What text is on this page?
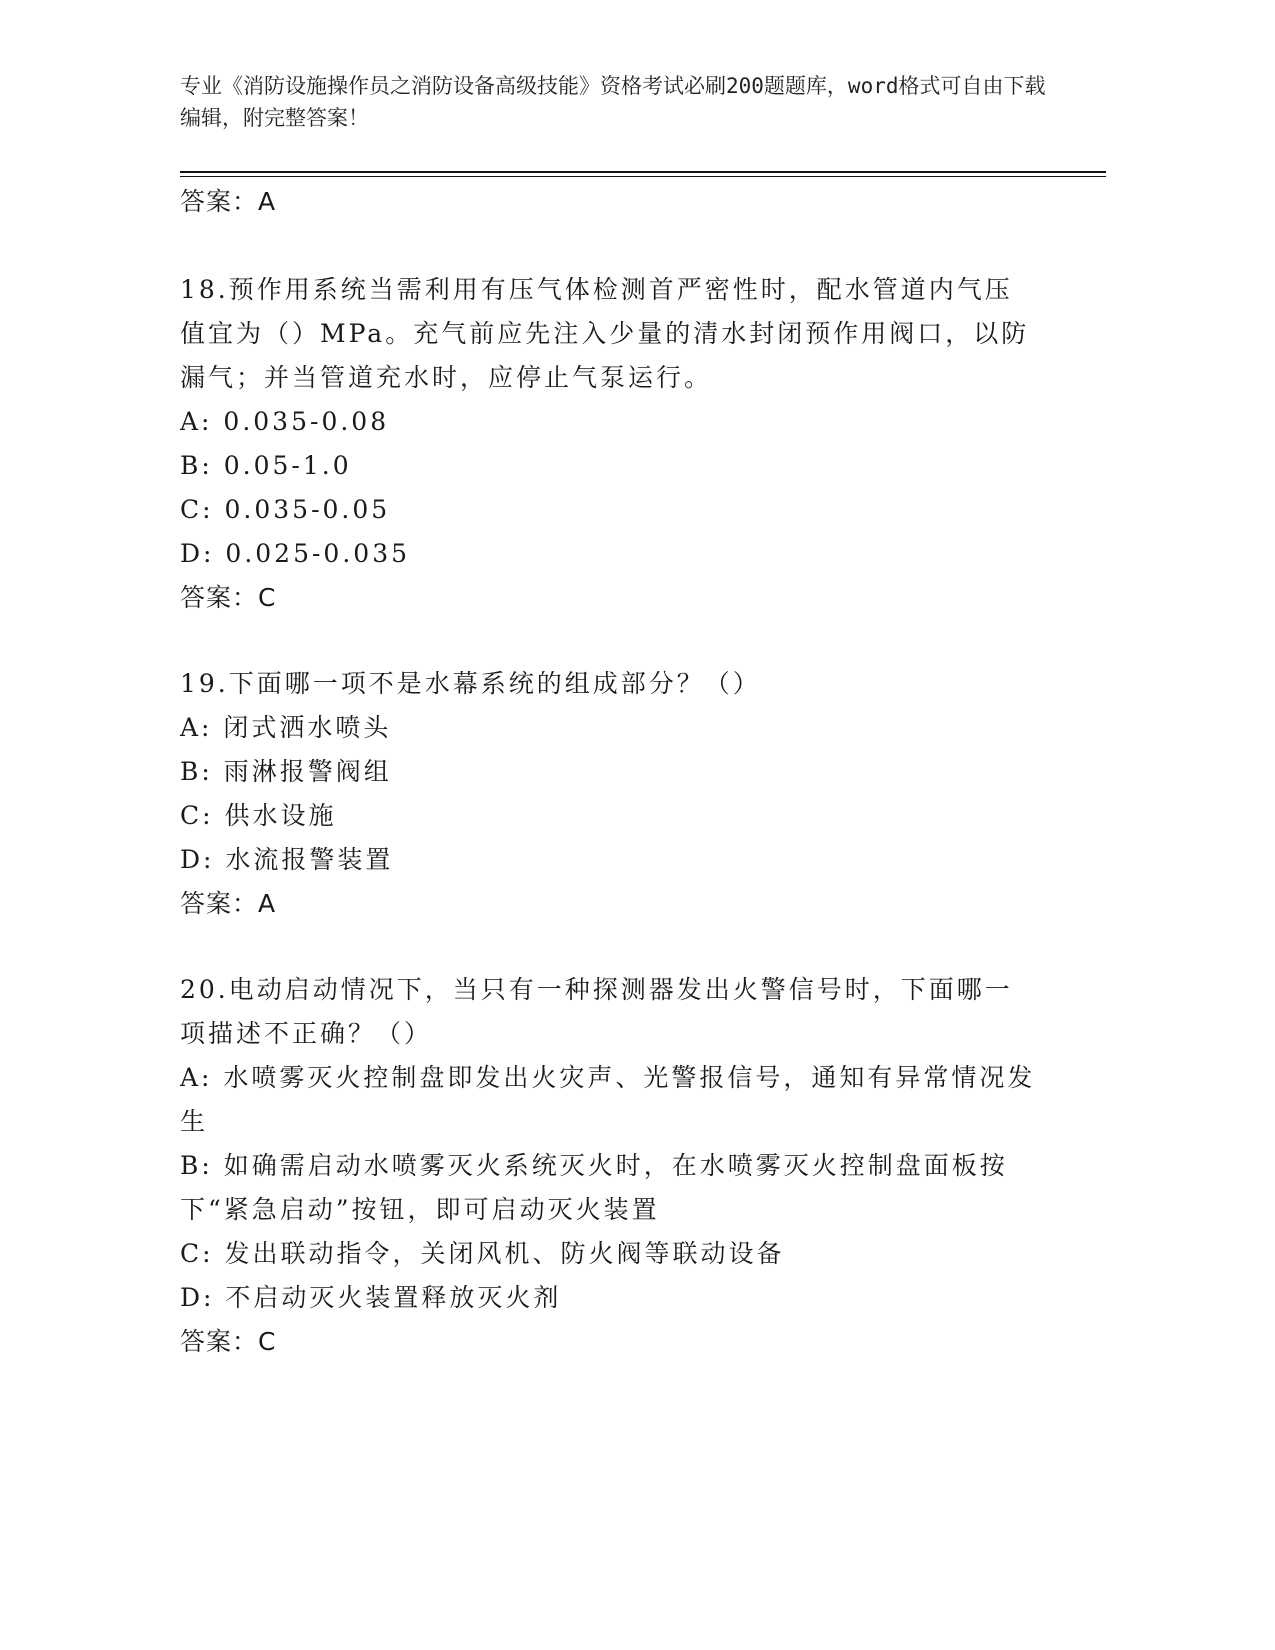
专业《消防设施操作员之消防设备高级技能》资格考试必刷200题题库，word格式可自由下载编辑，附完整答案！
答案：A
18.预作用系统当需利用有压气体检测首严密性时，配水管道内气压值宜为（）MPa。充气前应先注入少量的清水封闭预作用阀口，以防漏气；并当管道充水时，应停止气泵运行。
A: 0.035-0.08
B: 0.05-1.0
C: 0.035-0.05
D: 0.025-0.035
答案：C
19.下面哪一项不是水幕系统的组成部分？（）
A: 闭式洒水喷头
B: 雨淋报警阀组
C: 供水设施
D: 水流报警装置
答案：A
20.电动启动情况下，当只有一种探测器发出火警信号时，下面哪一项描述不正确？（）
A: 水喷雾灭火控制盘即发出火灾声、光警报信号，通知有异常情况发生
B: 如确需启动水喷雾灭火系统灭火时，在水喷雾灭火控制盘面板按下“紧急启动”按钮，即可启动灭火装置
C: 发出联动指令，关闭风机、防火阀等联动设备
D: 不启动灭火装置释放灭火剂
答案：C
